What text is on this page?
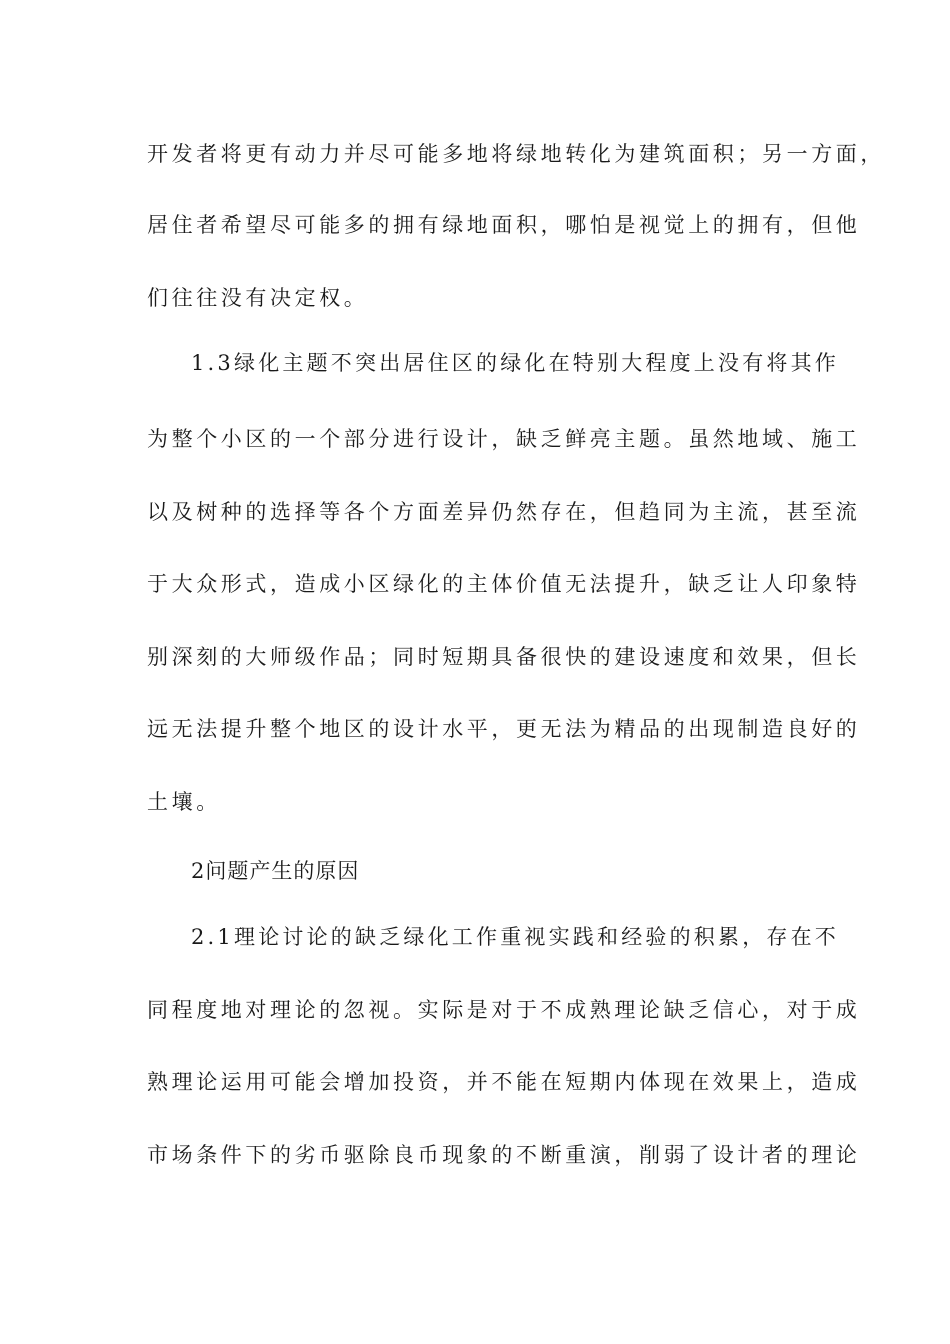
开发者将更有动力并尽可能多地将绿地转化为建筑面积；另一方面，
居住者希望尽可能多的拥有绿地面积，哪怕是视觉上的拥有，但他
们往往没有决定权。
1.3绿化主题不突出居住区的绿化在特别大程度上没有将其作
为整个小区的一个部分进行设计，缺乏鲜亮主题。虽然地域、施工
以及树种的选择等各个方面差异仍然存在，但趋同为主流，甚至流
于大众形式，造成小区绿化的主体价值无法提升，缺乏让人印象特
别深刻的大师级作品；同时短期具备很快的建设速度和效果，但长
远无法提升整个地区的设计水平，更无法为精品的出现制造良好的
土壤。
2问题产生的原因
2.1理论讨论的缺乏绿化工作重视实践和经验的积累，存在不
同程度地对理论的忽视。实际是对于不成熟理论缺乏信心，对于成
熟理论运用可能会增加投资，并不能在短期内体现在效果上，造成
市场条件下的劣币驱除良币现象的不断重演，削弱了设计者的理论
